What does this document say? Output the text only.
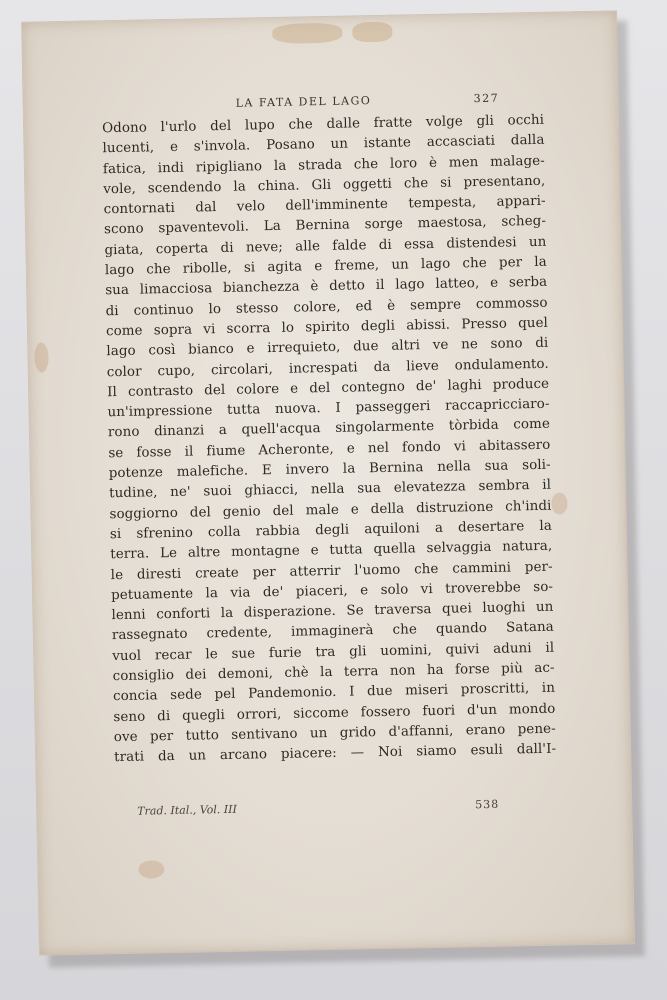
LA FATA DEL LAGO	327
Odono l'urlo del lupo che dalle fratte volge gli occhi
lucenti, e s'invola. Posano un istante accasciati dalla
fatica, indi ripigliano la strada che loro è men malage-
vole, scendendo la china. Gli oggetti che si presentano,
contornati dal velo dell'imminente tempesta, appari-
scono spaventevoli. La Bernina sorge maestosa, scheg-
giata, coperta di neve; alle falde di essa distendesi un
lago che ribolle, si agita e freme, un lago che per la
sua limacciosa bianchezza è detto il lago latteo, e serba
di continuo lo stesso colore, ed è sempre commosso
come sopra vi scorra lo spirito degli abissi. Presso quel
lago così bianco e irrequieto, due altri ve ne sono di
color cupo, circolari, increspati da lieve ondulamento.
Il contrasto del colore e del contegno de' laghi produce
un'impressione tutta nuova. I passeggeri raccapricciaro-
rono dinanzi a quell'acqua singolarmente tòrbida come
se fosse il fiume Acheronte, e nel fondo vi abitassero
potenze malefiche. E invero la Bernina nella sua soli-
tudine, ne' suoi ghiacci, nella sua elevatezza sembra il
soggiorno del genio del male e della distruzione ch'indi
si sfrenino colla rabbia degli aquiloni a desertare la
terra. Le altre montagne e tutta quella selvaggia natura,
le diresti create per atterrir l'uomo che cammini per-
petuamente la via de' piaceri, e solo vi troverebbe so-
lenni conforti la disperazione. Se traversa quei luoghi un
rassegnato credente, immaginerà che quando Satana
vuol recar le sue furie tra gli uomini, quivi aduni il
consiglio dei demoni, chè la terra non ha forse più ac-
concia sede pel Pandemonio. I due miseri proscritti, in
seno di quegli orrori, siccome fossero fuori d'un mondo
ove per tutto sentivano un grido d'affanni, erano pene-
trati da un arcano piacere: — Noi siamo esuli dall'I-
Trad. Ital., Vol. III	538
